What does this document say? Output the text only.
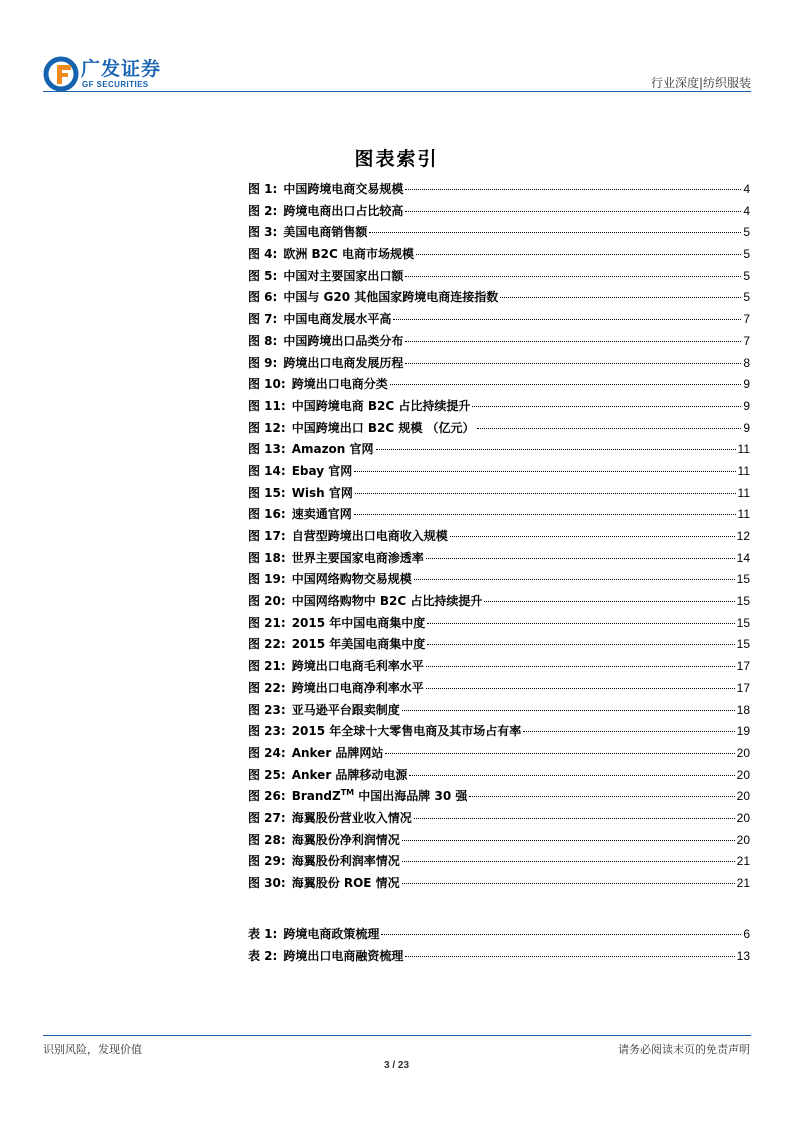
广发证券
GF SECURITIES	行业深度|纺织服装
图表索引
图 1: 中国跨境电商交易规模	4
图 2: 跨境电商出口占比较高	4
图 3: 美国电商销售额	5
图 4: 欧洲 B2C 电商市场规模	5
图 5: 中国对主要国家出口额	5
图 6: 中国与 G20 其他国家跨境电商连接指数	5
图 7: 中国电商发展水平高	7
图 8: 中国跨境出口品类分布	7
图 9: 跨境出口电商发展历程	8
图 10: 跨境出口电商分类	9
图 11: 中国跨境电商 B2C 占比持续提升	9
图 12: 中国跨境出口 B2C 规模 （亿元）	9
图 13: Amazon 官网	11
图 14: Ebay 官网	11
图 15: Wish 官网	11
图 16: 速卖通官网	11
图 17: 自营型跨境出口电商收入规模	12
图 18: 世界主要国家电商渗透率	14
图 19: 中国网络购物交易规模	15
图 20: 中国网络购物中 B2C 占比持续提升	15
图 21: 2015 年中国电商集中度	15
图 22: 2015 年美国电商集中度	15
图 21: 跨境出口电商毛利率水平	17
图 22: 跨境出口电商净利率水平	17
图 23: 亚马逊平台跟卖制度	18
图 23: 2015 年全球十大零售电商及其市场占有率	19
图 24: Anker 品牌网站	20
图 25: Anker 品牌移动电源	20
图 26: BrandZ™ 中国出海品牌 30 强	20
图 27: 海翼股份营业收入情况	20
图 28: 海翼股份净利润情况	20
图 29: 海翼股份利润率情况	21
图 30: 海翼股份 ROE 情况	21
表 1: 跨境电商政策梳理	6
表 2: 跨境出口电商融资梳理	13
识别风险，发现价值	请务必阅读末页的免责声明
3 / 23
